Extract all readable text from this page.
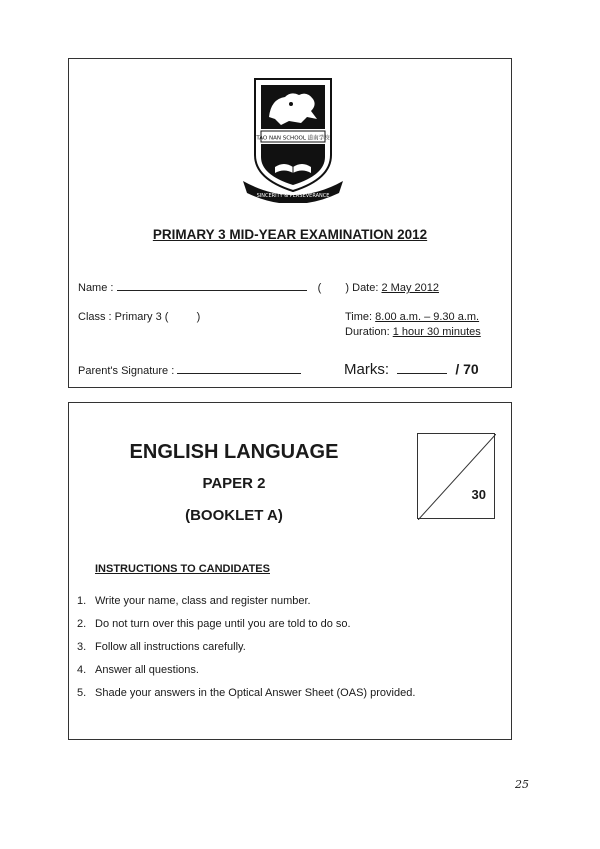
TAO NAN SCHOOL 道南学校
SINCERITY & PERSEVERANCE
PRIMARY 3 MID-YEAR EXAMINATION 2012
Name :	( ) Date: 2 May 2012
Class : Primary 3 (	)	Time: 8.00 a.m. – 9.30 a.m.
Duration: 1 hour 30 minutes
Parent's Signature :	Marks:	/ 70
ENGLISH LANGUAGE
PAPER 2
(BOOKLET A)
30
INSTRUCTIONS TO CANDIDATES
1. Write your name, class and register number.
2. Do not turn over this page until you are told to do so.
3. Follow all instructions carefully.
4. Answer all questions.
5. Shade your answers in the Optical Answer Sheet (OAS) provided.
25
